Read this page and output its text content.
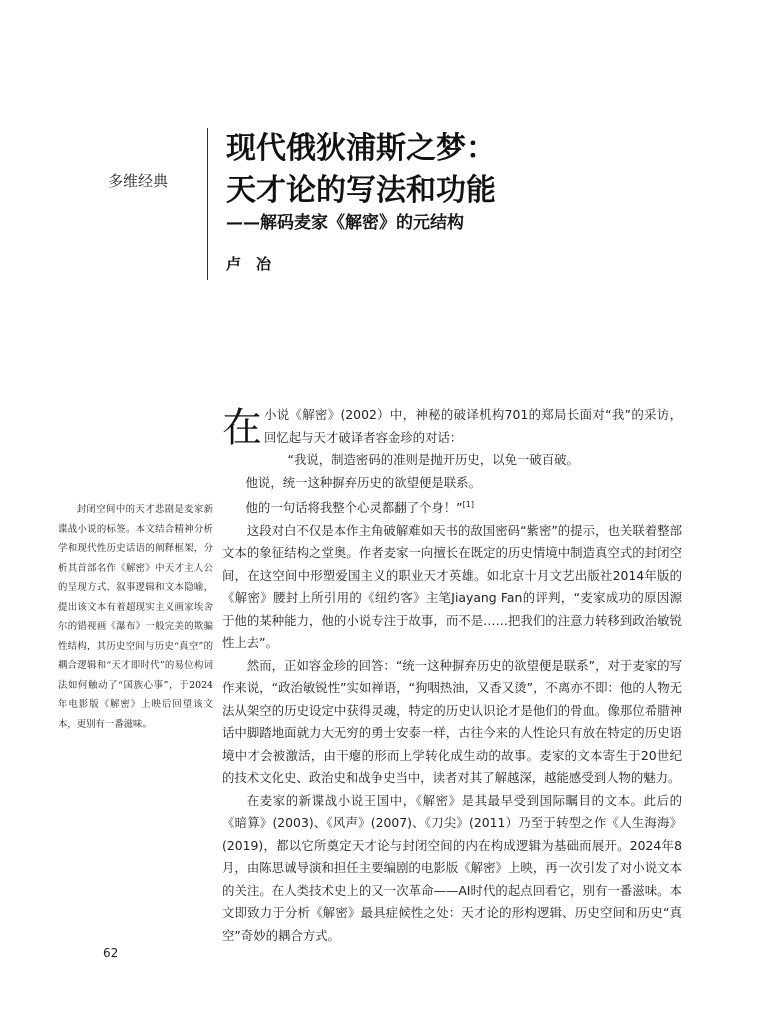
多维经典
现代俄狄浦斯之梦：
天才论的写法和功能
——解码麦家《解密》的元结构
卢　冶

封闭空间中的天才悲剧是麦家新谍战小说的标签。本文结合精神分析学和现代性历史话语的阐释框架，分析其首部名作《解密》中天才主人公的呈现方式、叙事逻辑和文本隐喻，提出该文本有着超现实主义画家埃舍尔的错视画《瀑布》一般完美的欺骗性结构，其历史空间与历史“真空”的耦合逻辑和“天才即时代”的易位构词法如何触动了“国族心事”，于2024年电影版《解密》上映后回望该文本，更别有一番滋味。

在小说《解密》(2002）中，神秘的破译机构701的郑局长面对“我”的采访，回忆起与天才破译者容金珍的对话：

“我说，制造密码的准则是抛开历史，以免一破百破。

他说，统一这种摒弃历史的欲望便是联系。

他的一句话将我整个心灵都翻了个身！”[1]

这段对白不仅是本作主角破解难如天书的敌国密码“紫密”的提示，也关联着整部文本的象征结构之堂奥。作者麦家一向擅长在既定的历史情境中制造真空式的封闭空间，在这空间中形塑爱国主义的职业天才英雄。如北京十月文艺出版社2014年版的《解密》腰封上所引用的《纽约客》主笔Jiayang Fan的评判，“麦家成功的原因源于他的某种能力，他的小说专注于故事，而不是……把我们的注意力转移到政治敏锐性上去”。

然而，正如容金珍的回答：“统一这种摒弃历史的欲望便是联系”，对于麦家的写作来说，“政治敏锐性”实如禅语，“狗咽热油，又香又烫”，不离亦不即：他的人物无法从架空的历史设定中获得灵魂，特定的历史认识论才是他们的骨血。像那位希腊神话中脚踏地面就力大无穷的勇士安泰一样，古往今来的人性论只有放在特定的历史语境中才会被激活，由干瘪的形而上学转化成生动的故事。麦家的文本寄生于20世纪的技术文化史、政治史和战争史当中，读者对其了解越深，越能感受到人物的魅力。

在麦家的新谍战小说王国中，《解密》是其最早受到国际瞩目的文本。此后的《暗算》(2003)、《风声》(2007)、《刀尖》(2011）乃至于转型之作《人生海海》(2019)，都以它所奠定天才论与封闭空间的内在构成逻辑为基础而展开。2024年8月，由陈思诚导演和担任主要编剧的电影版《解密》上映，再一次引发了对小说文本的关注。在人类技术史上的又一次革命——AI时代的起点回看它，别有一番滋味。本文即致力于分析《解密》最具症候性之处：天才论的形构逻辑、历史空间和历史“真空”奇妙的耦合方式。

62
